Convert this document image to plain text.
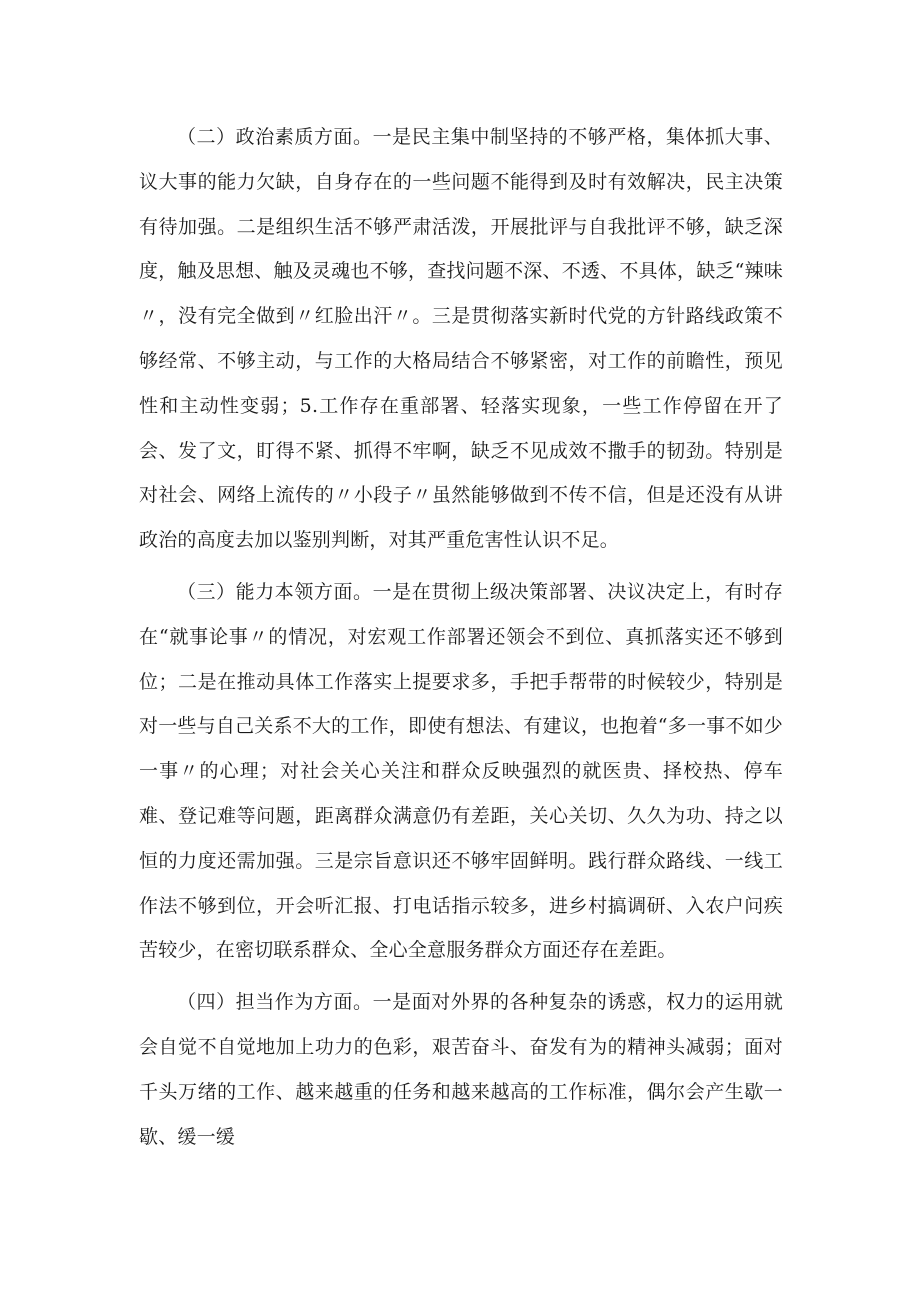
（二）政治素质方面。一是民主集中制坚持的不够严格，集体抓大事、议大事的能力欠缺，自身存在的一些问题不能得到及时有效解决，民主决策有待加强。二是组织生活不够严肃活泼，开展批评与自我批评不够，缺乏深度，触及思想、触及灵魂也不够，查找问题不深、不透、不具体，缺乏“辣味〃，没有完全做到〃红脸出汗〃。三是贯彻落实新时代党的方针路线政策不够经常、不够主动，与工作的大格局结合不够紧密，对工作的前瞻性，预见性和主动性变弱；5.工作存在重部署、轻落实现象，一些工作停留在开了会、发了文，盯得不紧、抓得不牢啊，缺乏不见成效不撒手的韧劲。特别是对社会、网络上流传的〃小段子〃虽然能够做到不传不信，但是还没有从讲政治的高度去加以鉴别判断，对其严重危害性认识不足。

（三）能力本领方面。一是在贯彻上级决策部署、决议决定上，有时存在“就事论事〃的情况，对宏观工作部署还领会不到位、真抓落实还不够到位；二是在推动具体工作落实上提要求多，手把手帮带的时候较少，特别是对一些与自己关系不大的工作，即使有想法、有建议，也抱着“多一事不如少一事〃的心理；对社会关心关注和群众反映强烈的就医贵、择校热、停车难、登记难等问题，距离群众满意仍有差距，关心关切、久久为功、持之以恒的力度还需加强。三是宗旨意识还不够牢固鲜明。践行群众路线、一线工作法不够到位，开会听汇报、打电话指示较多，进乡村搞调研、入农户问疾苦较少，在密切联系群众、全心全意服务群众方面还存在差距。

（四）担当作为方面。一是面对外界的各种复杂的诱惑，权力的运用就会自觉不自觉地加上功力的色彩，艰苦奋斗、奋发有为的精神头减弱；面对千头万绪的工作、越来越重的任务和越来越高的工作标准，偶尔会产生歇一歇、缓一缓
